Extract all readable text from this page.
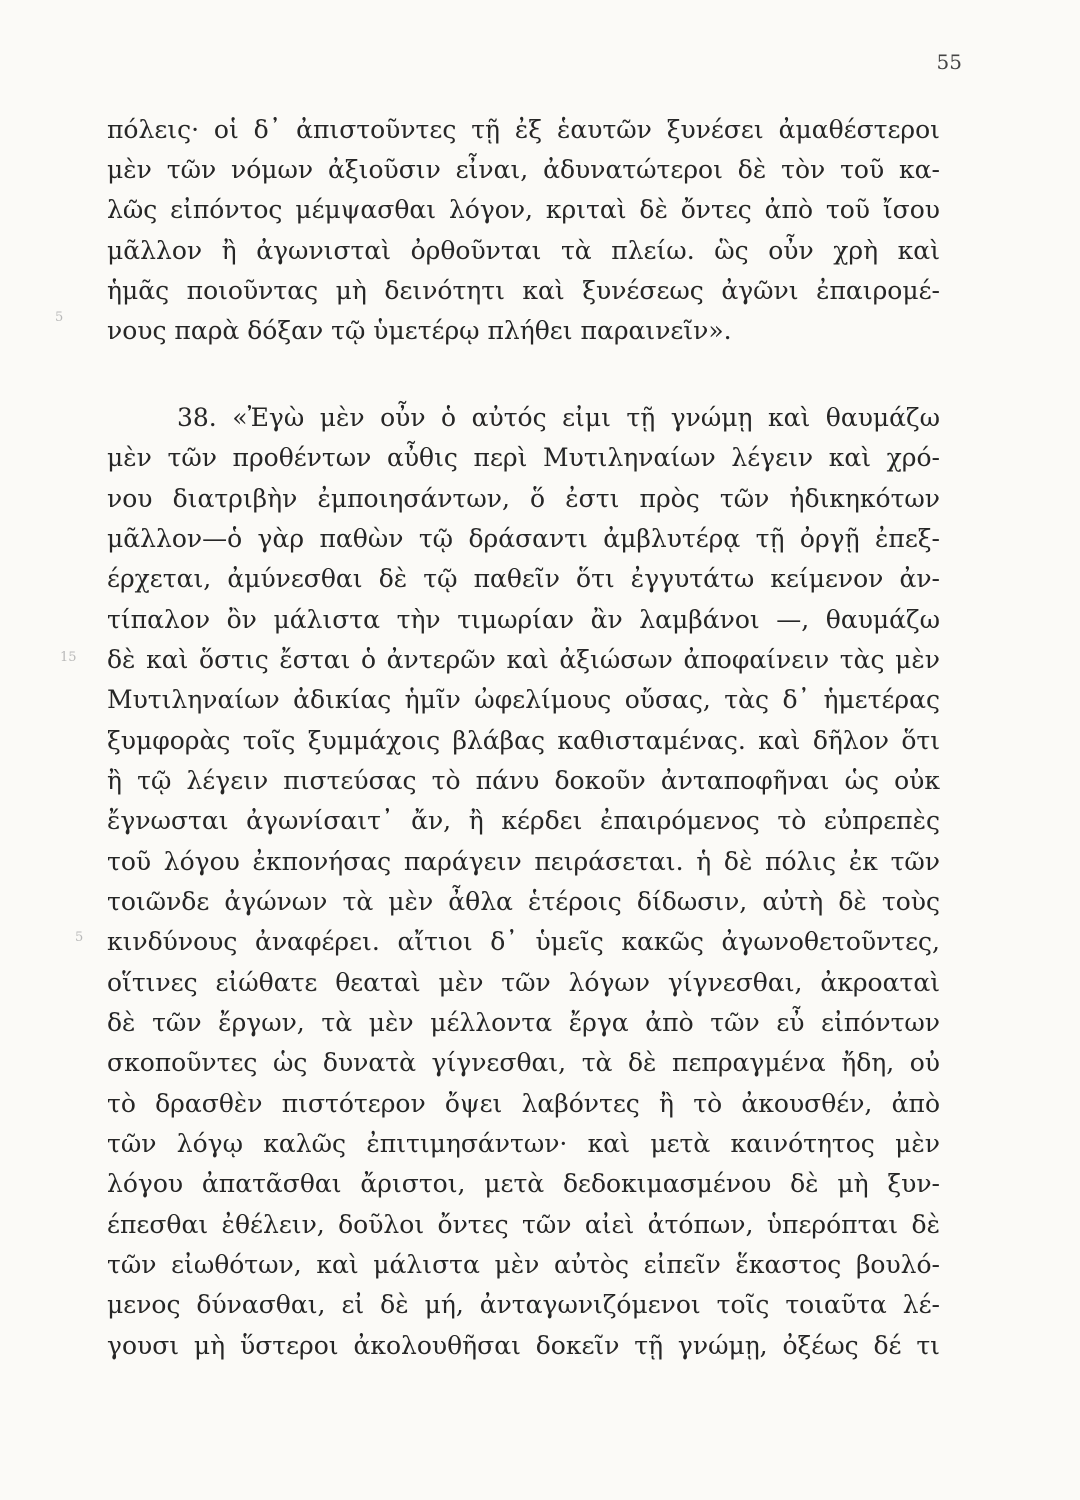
55
5
15
5
πόλεις· οἱ δ᾽ ἀπιστοῦντες τῇ ἐξ ἑαυτῶν ξυνέσει ἀμαθέστεροι
μὲν τῶν νόμων ἀξιοῦσιν εἶναι, ἀδυνατώτεροι δὲ τὸν τοῦ κα-
λῶς εἰπόντος μέμψασθαι λόγον, κριταὶ δὲ ὄντες ἀπὸ τοῦ ἴσου
μᾶλλον ἢ ἀγωνισταὶ ὀρθοῦνται τὰ πλείω. ὣς οὖν χρὴ καὶ
ἡμᾶς ποιοῦντας μὴ δεινότητι καὶ ξυνέσεως ἀγῶνι ἐπαιρομέ-
νους παρὰ δόξαν τῷ ὑμετέρῳ πλήθει παραινεῖν».
38. «Ἐγὼ μὲν οὖν ὁ αὐτός εἰμι τῇ γνώμῃ καὶ θαυμάζω
μὲν τῶν προθέντων αὖθις περὶ Μυτιληναίων λέγειν καὶ χρό-
νου διατριβὴν ἐμποιησάντων, ὅ ἐστι πρὸς τῶν ἠδικηκότων
μᾶλλον—ὁ γὰρ παθὼν τῷ δράσαντι ἀμβλυτέρᾳ τῇ ὀργῇ ἐπεξ-
έρχεται, ἀμύνεσθαι δὲ τῷ παθεῖν ὅτι ἐγγυτάτω κείμενον ἀν-
τίπαλον ὂν μάλιστα τὴν τιμωρίαν ἂν λαμβάνοι —, θαυμάζω
δὲ καὶ ὅστις ἔσται ὁ ἀντερῶν καὶ ἀξιώσων ἀποφαίνειν τὰς μὲν
Μυτιληναίων ἀδικίας ἡμῖν ὠφελίμους οὔσας, τὰς δ᾽ ἡμετέρας
ξυμφορὰς τοῖς ξυμμάχοις βλάβας καθισταμένας. καὶ δῆλον ὅτι
ἢ τῷ λέγειν πιστεύσας τὸ πάνυ δοκοῦν ἀνταποφῆναι ὡς οὐκ
ἔγνωσται ἀγωνίσαιτ᾽ ἄν, ἢ κέρδει ἐπαιρόμενος τὸ εὐπρεπὲς
τοῦ λόγου ἐκπονήσας παράγειν πειράσεται. ἡ δὲ πόλις ἐκ τῶν
τοιῶνδε ἀγώνων τὰ μὲν ἆθλα ἑτέροις δίδωσιν, αὐτὴ δὲ τοὺς
κινδύνους ἀναφέρει. αἴτιοι δ᾽ ὑμεῖς κακῶς ἀγωνοθετοῦντες,
οἵτινες εἰώθατε θεαταὶ μὲν τῶν λόγων γίγνεσθαι, ἀκροαταὶ
δὲ τῶν ἔργων, τὰ μὲν μέλλοντα ἔργα ἀπὸ τῶν εὖ εἰπόντων
σκοποῦντες ὡς δυνατὰ γίγνεσθαι, τὰ δὲ πεπραγμένα ἤδη, οὐ
τὸ δρασθὲν πιστότερον ὄψει λαβόντες ἢ τὸ ἀκουσθέν, ἀπὸ
τῶν λόγῳ καλῶς ἐπιτιμησάντων· καὶ μετὰ καινότητος μὲν
λόγου ἀπατᾶσθαι ἄριστοι, μετὰ δεδοκιμασμένου δὲ μὴ ξυν-
έπεσθαι ἐθέλειν, δοῦλοι ὄντες τῶν αἰεὶ ἀτόπων, ὑπερόπται δὲ
τῶν εἰωθότων, καὶ μάλιστα μὲν αὐτὸς εἰπεῖν ἕκαστος βουλό-
μενος δύνασθαι, εἰ δὲ μή, ἀνταγωνιζόμενοι τοῖς τοιαῦτα λέ-
γουσι μὴ ὕστεροι ἀκολουθῆσαι δοκεῖν τῇ γνώμῃ, ὀξέως δέ τι
